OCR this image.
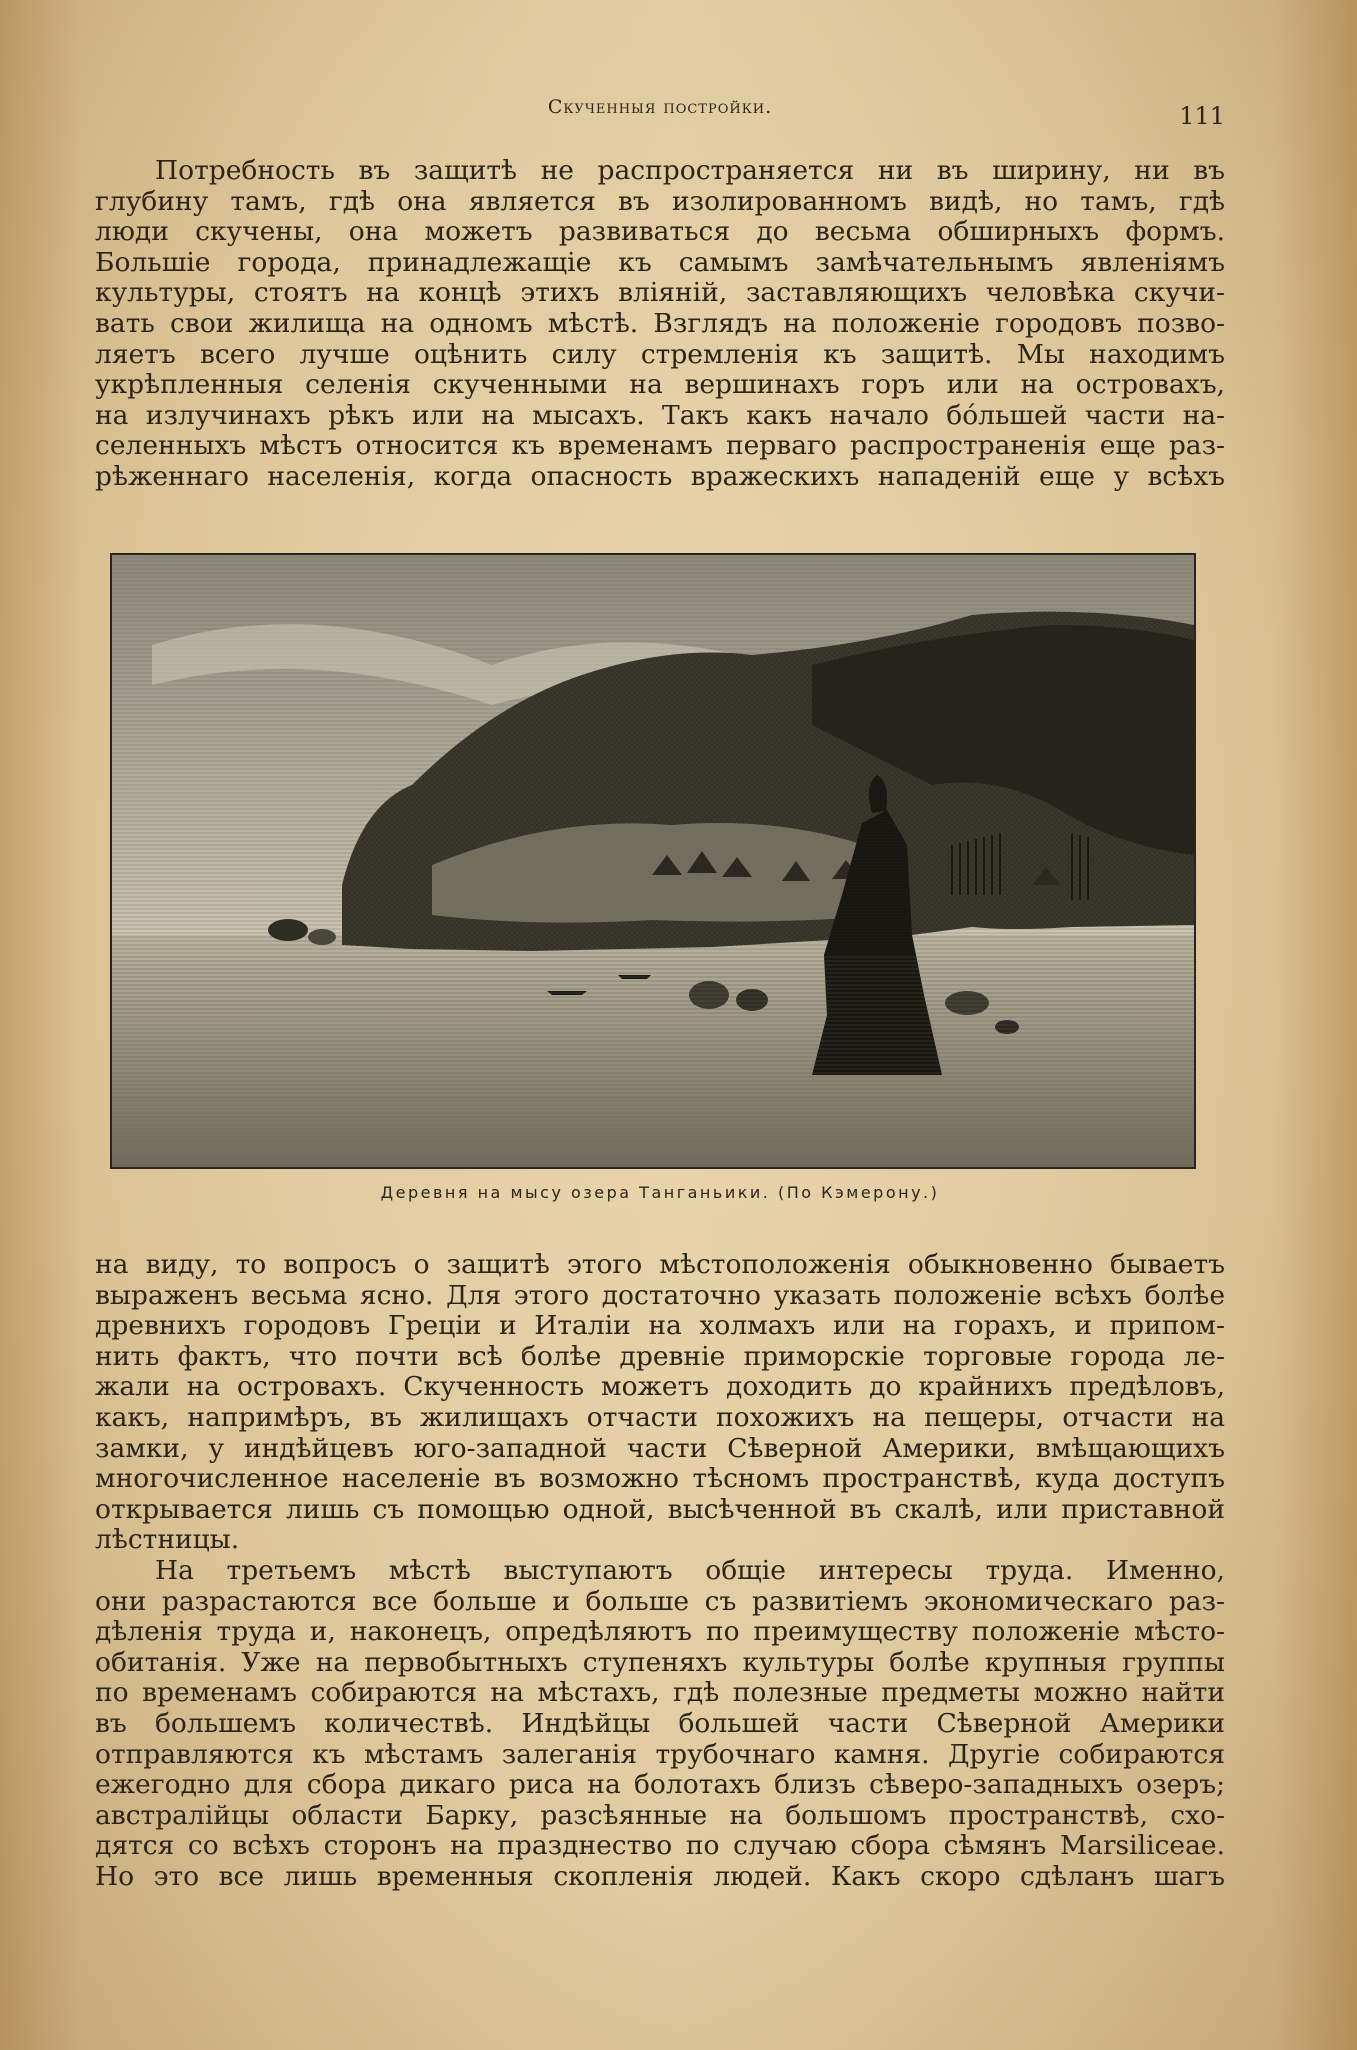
Скученныя постройки.	111
Потребность въ защитѣ не распространяется ни въ ширину, ни въ
глубину тамъ, гдѣ она является въ изолированномъ видѣ, но тамъ, гдѣ
люди скучены, она можетъ развиваться до весьма обширныхъ формъ.
Большіе города, принадлежащіе къ самымъ замѣчательнымъ явленіямъ
культуры, стоятъ на концѣ этихъ вліяній, заставляющихъ человѣка скучи-
вать свои жилища на одномъ мѣстѣ. Взглядъ на положеніе городовъ позво-
ляетъ всего лучше оцѣнить силу стремленія къ защитѣ. Мы находимъ
укрѣпленныя селенія скученными на вершинахъ горъ или на островахъ,
на излучинахъ рѣкъ или на мысахъ. Такъ какъ начало бóльшей части на-
селенныхъ мѣстъ относится къ временамъ перваго распространенія еще раз-
рѣженнаго населенія, когда опасность вражескихъ нападеній еще у всѣхъ
Деревня на мысу озера Танганьики. (По Кэмерону.)
на виду, то вопросъ о защитѣ этого мѣстоположенія обыкновенно бываетъ
выраженъ весьма ясно. Для этого достаточно указать положеніе всѣхъ болѣе
древнихъ городовъ Греціи и Италіи на холмахъ или на горахъ, и припом-
нить фактъ, что почти всѣ болѣе древніе приморскіе торговые города ле-
жали на островахъ. Скученность можетъ доходить до крайнихъ предѣловъ,
какъ, напримѣръ, въ жилищахъ отчасти похожихъ на пещеры, отчасти на
замки, у индѣйцевъ юго-западной части Сѣверной Америки, вмѣщающихъ
многочисленное населеніе въ возможно тѣсномъ пространствѣ, куда доступъ
открывается лишь съ помощью одной, высѣченной въ скалѣ, или приставной
лѣстницы.
На третьемъ мѣстѣ выступаютъ общіе интересы труда. Именно,
они разрастаются все больше и больше съ развитіемъ экономическаго раз-
дѣленія труда и, наконецъ, опредѣляютъ по преимуществу положеніе мѣсто-
обитанія. Уже на первобытныхъ ступеняхъ культуры болѣе крупныя группы
по временамъ собираются на мѣстахъ, гдѣ полезные предметы можно найти
въ большемъ количествѣ. Индѣйцы большей части Сѣверной Америки
отправляются къ мѣстамъ залеганія трубочнаго камня. Другіе собираются
ежегодно для сбора дикаго риса на болотахъ близъ сѣверо-западныхъ озеръ;
австралійцы области Барку, разсѣянные на большомъ пространствѣ, схо-
дятся со всѣхъ сторонъ на празднество по случаю сбора сѣмянъ Marsiliceae.
Но это все лишь временныя скопленія людей. Какъ скоро сдѣланъ шагъ
